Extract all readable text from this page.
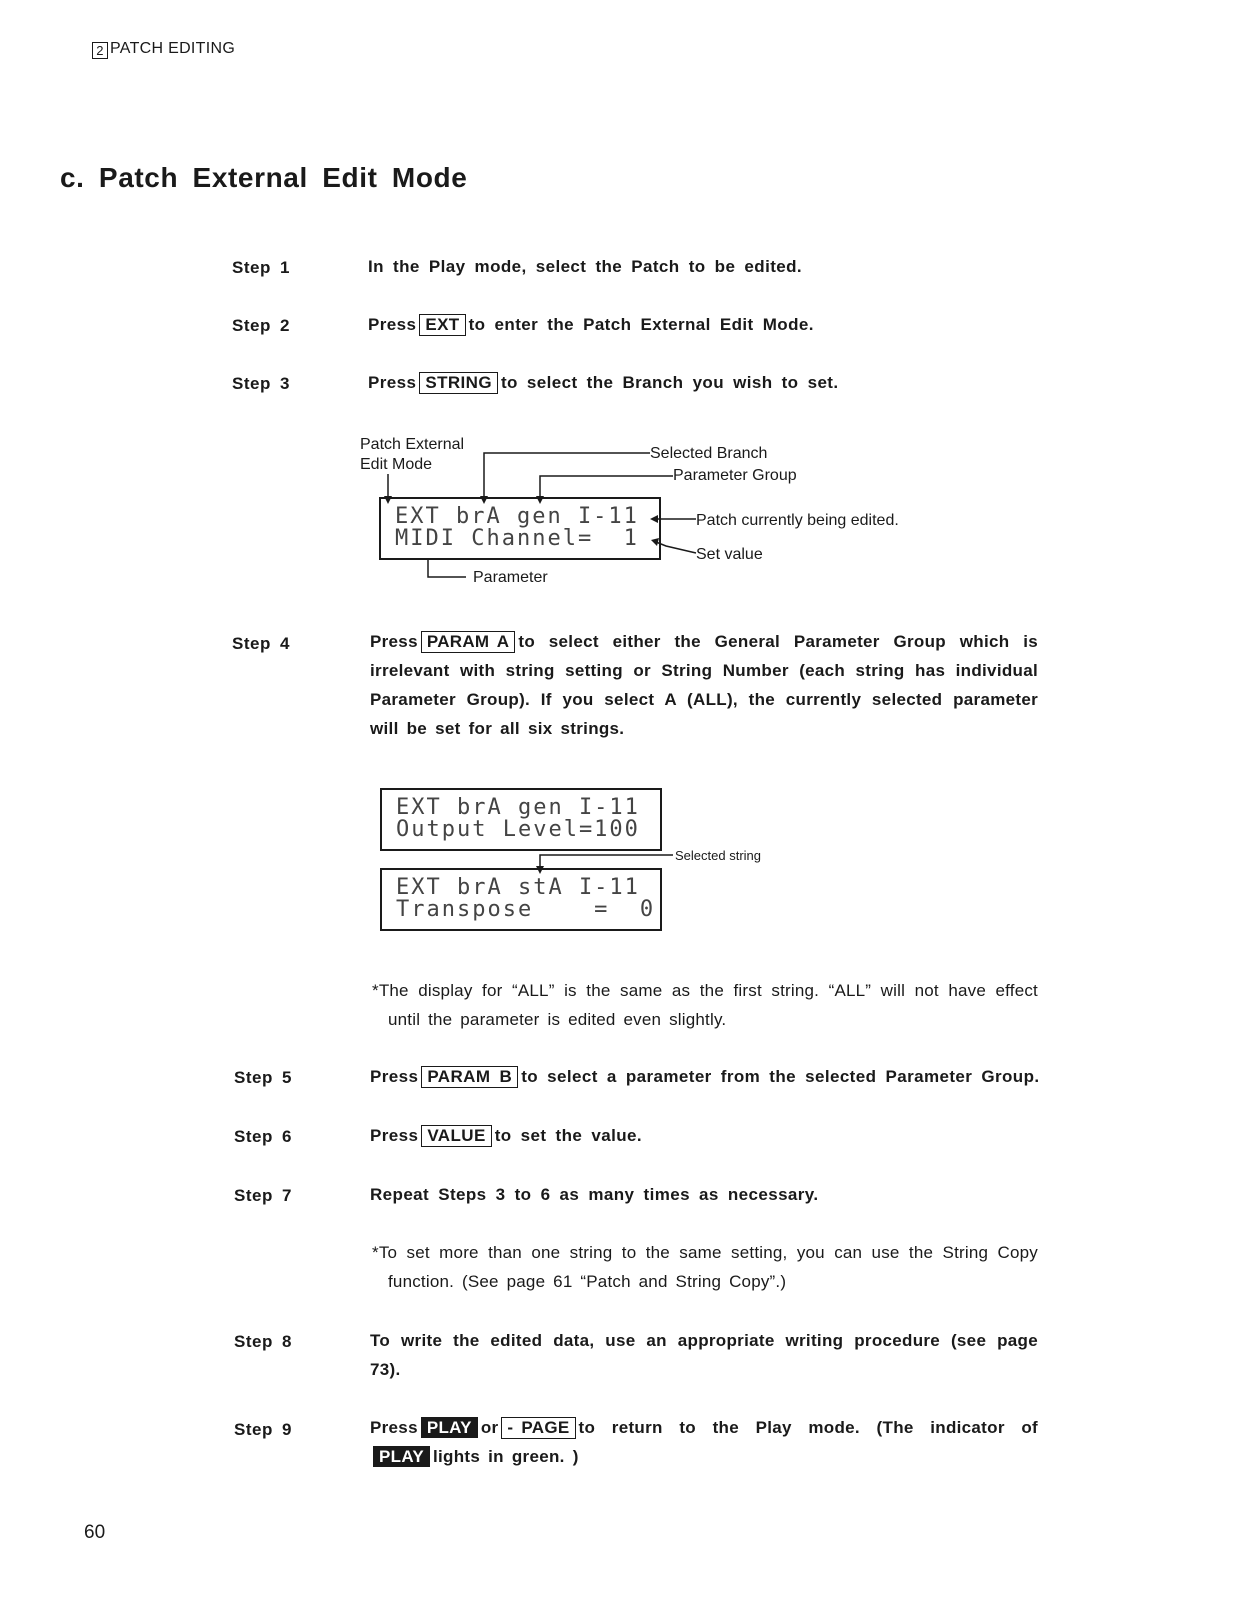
2 PATCH EDITING
c. Patch External Edit Mode
Step 1	In the Play mode, select the Patch to be edited.
Step 2	Press EXT to enter the Patch External Edit Mode.
Step 3	Press STRING to select the Branch you wish to set.
Patch External
Edit Mode
Selected Branch
Parameter Group
Patch currently being edited.
Set value
Parameter
EXT brA gen I-11
MIDI Channel=  1
Step 4	Press PARAM A to select either the General Parameter Group which is irrelevant with string setting or String Number (each string has individual Parameter Group). If you select A (ALL), the currently selected parameter will be set for all six strings.
EXT brA gen I-11
Output Level=100
Selected string
EXT brA stA I-11
Transpose    =  0
*The display for “ALL” is the same as the first string. “ALL” will not have effect until the parameter is edited even slightly.
Step 5	Press PARAM B to select a parameter from the selected Parameter Group.
Step 6	Press VALUE to set the value.
Step 7	Repeat Steps 3 to 6 as many times as necessary.
*To set more than one string to the same setting, you can use the String Copy function. (See page 61 “Patch and String Copy”.)
Step 8	To write the edited data, use an appropriate writing procedure (see page 73).
Step 9	Press PLAY or - PAGE to return to the Play mode. (The indicator of PLAY lights in green. )
60
